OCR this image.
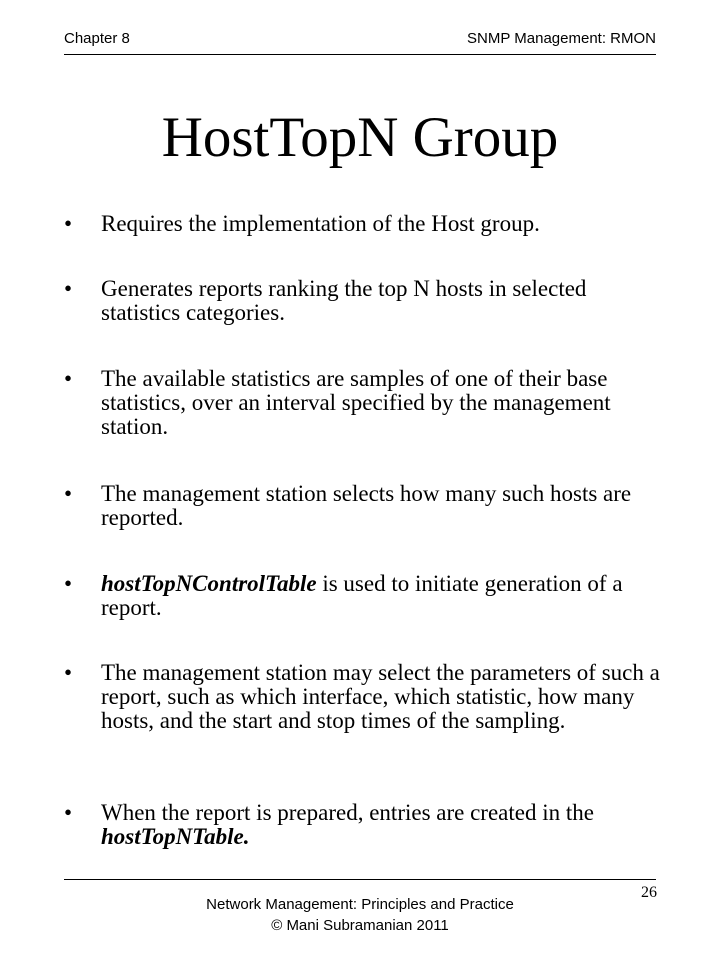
Chapter 8	SNMP Management: RMON
HostTopN Group
•	Requires the implementation of the Host group.
•	Generates reports ranking the top N hosts in selected statistics categories.
•	The available statistics are samples of one of their base statistics, over an interval specified by the management station.
•	The management station selects how many such hosts are reported.
•	hostTopNControlTable is used to initiate generation of a report.
•	The management station may select the parameters of such a report, such as which interface, which statistic, how many hosts, and the start and stop times of the sampling.
•	When the report is prepared, entries are created in the hostTopNTable.
Network Management: Principles and Practice
© Mani Subramanian 2011
26
